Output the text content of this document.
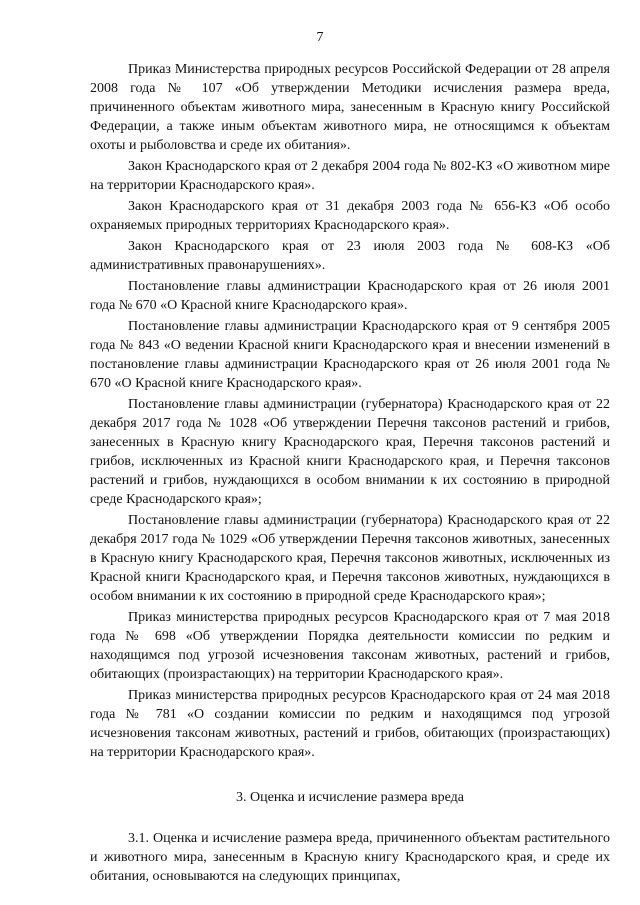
7

Приказ Министерства природных ресурсов Российской Федерации от 28 апреля 2008 года № 107 «Об утверждении Методики исчисления размера вреда, причиненного объектам животного мира, занесенным в Красную книгу Российской Федерации, а также иным объектам животного мира, не относящимся к объектам охоты и рыболовства и среде их обитания».

Закон Краснодарского края от 2 декабря 2004 года № 802-КЗ «О животном мире на территории Краснодарского края».

Закон Краснодарского края от 31 декабря 2003 года № 656-КЗ «Об особо охраняемых природных территориях Краснодарского края».

Закон Краснодарского края от 23 июля 2003 года № 608-КЗ «Об административных правонарушениях».

Постановление главы администрации Краснодарского края от 26 июля 2001 года № 670 «О Красной книге Краснодарского края».

Постановление главы администрации Краснодарского края от 9 сентября 2005 года № 843 «О ведении Красной книги Краснодарского края и внесении изменений в постановление главы администрации Краснодарского края от 26 июля 2001 года № 670 «О Красной книге Краснодарского края».

Постановление главы администрации (губернатора) Краснодарского края от 22 декабря 2017 года № 1028 «Об утверждении Перечня таксонов растений и грибов, занесенных в Красную книгу Краснодарского края, Перечня таксонов растений и грибов, исключенных из Красной книги Краснодарского края, и Перечня таксонов растений и грибов, нуждающихся в особом внимании к их состоянию в природной среде Краснодарского края»;

Постановление главы администрации (губернатора) Краснодарского края от 22 декабря 2017 года № 1029 «Об утверждении Перечня таксонов животных, занесенных в Красную книгу Краснодарского края, Перечня таксонов животных, исключенных из Красной книги Краснодарского края, и Перечня таксонов животных, нуждающихся в особом внимании к их состоянию в природной среде Краснодарского края»;

Приказ министерства природных ресурсов Краснодарского края от 7 мая 2018 года № 698 «Об утверждении Порядка деятельности комиссии по редким и находящимся под угрозой исчезновения таксонам животных, растений и грибов, обитающих (произрастающих) на территории Краснодарского края».

Приказ министерства природных ресурсов Краснодарского края от 24 мая 2018 года № 781 «О создании комиссии по редким и находящимся под угрозой исчезновения таксонам животных, растений и грибов, обитающих (произрастающих) на территории Краснодарского края».

3. Оценка и исчисление размера вреда

3.1. Оценка и исчисление размера вреда, причиненного объектам растительного и животного мира, занесенным в Красную книгу Краснодарского края, и среде их обитания, основываются на следующих принципах,
